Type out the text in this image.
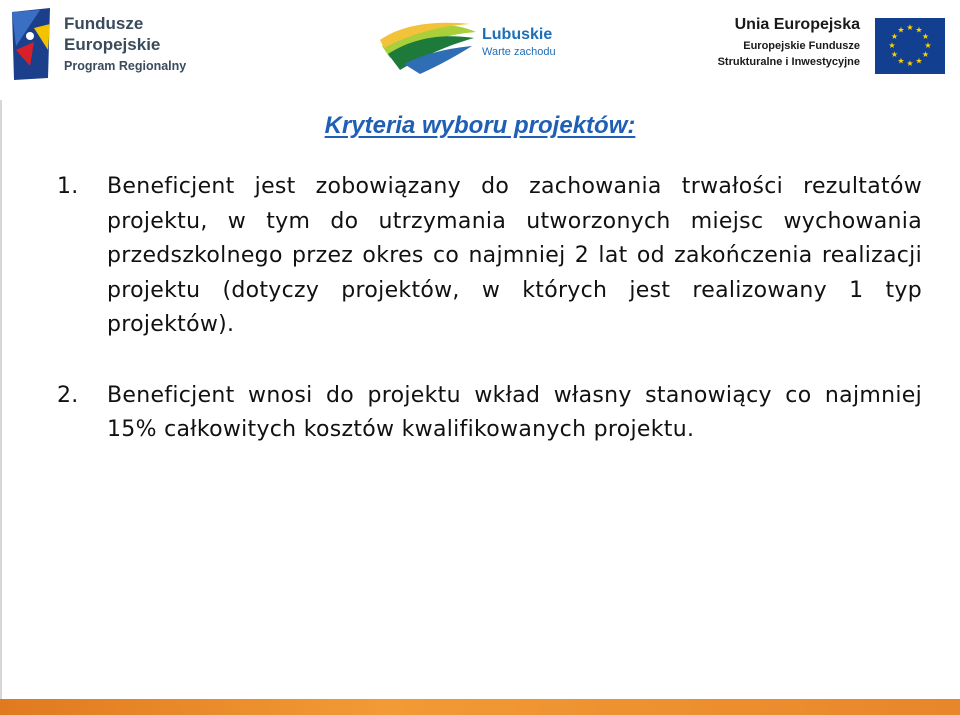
Fundusze
Europejskie
Program Regionalny
Lubuskie
Warte zachodu
Unia Europejska
Europejskie Fundusze
Strukturalne i Inwestycyjne
★ ★
★
★
★
★
★
★
★
★
★
★
Kryteria wyboru projektów:
1.	Beneficjent jest zobowiązany do zachowania trwałości rezultatów projektu, w tym do utrzymania utworzonych miejsc wychowania przedszkolnego przez okres co najmniej 2 lat od zakończenia realizacji projektu (dotyczy projektów, w których jest realizowany 1 typ projektów).
2.	Beneficjent wnosi do projektu wkład własny stanowiący co najmniej 15% całkowitych kosztów kwalifikowanych projektu.
